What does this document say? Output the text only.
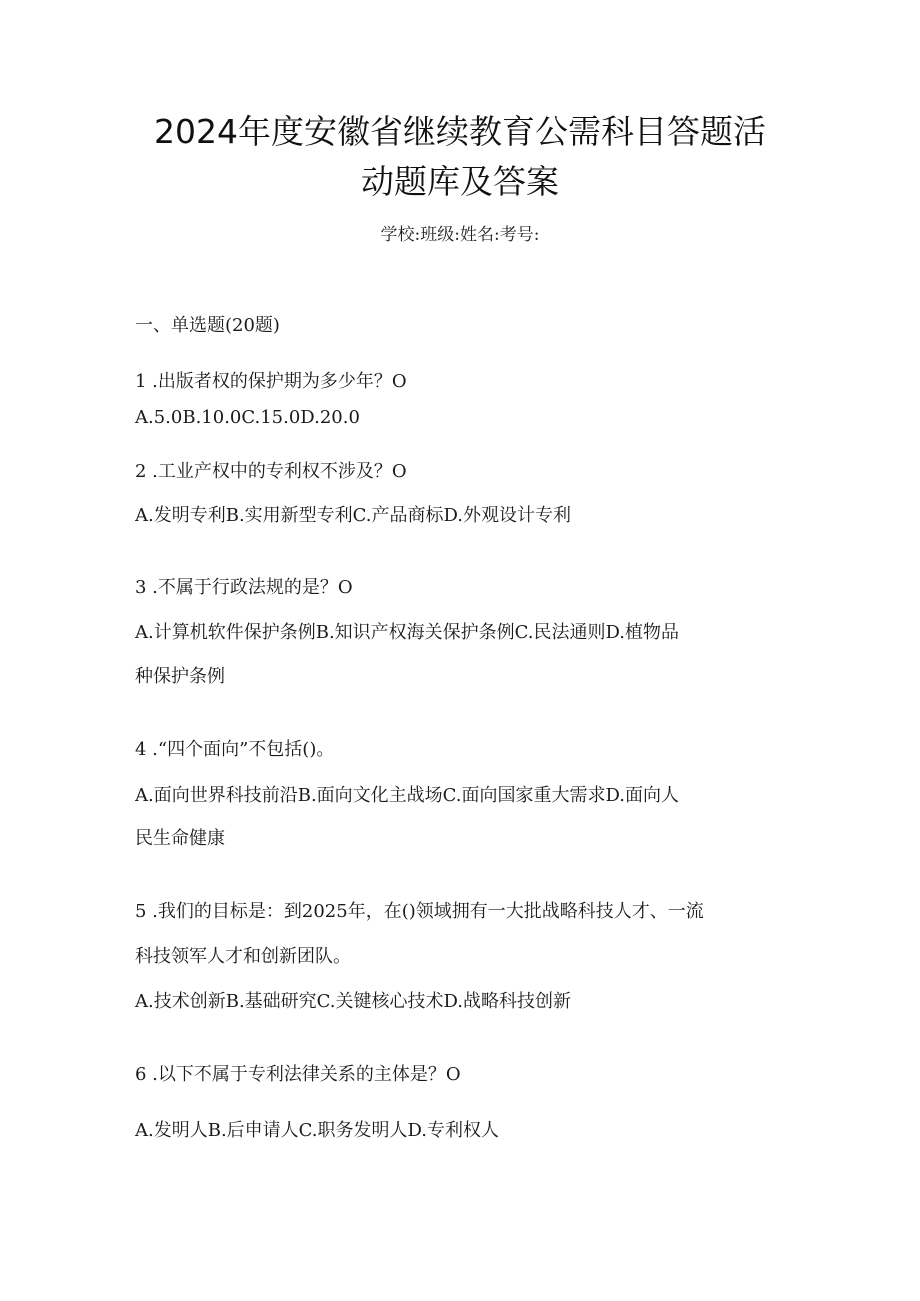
2024年度安徽省继续教育公需科目答题活
动题库及答案
学校:班级:姓名:考号:
一、单选题(20题)
1 .出版者权的保护期为多少年？O
A.5.0B.10.0C.15.0D.20.0
2 .工业产权中的专利权不涉及？O
A.发明专利B.实用新型专利C.产品商标D.外观设计专利
3 .不属于行政法规的是？O
A.计算机软件保护条例B.知识产权海关保护条例C.民法通则D.植物品
种保护条例
4 .“四个面向”不包括()。
A.面向世界科技前沿B.面向文化主战场C.面向国家重大需求D.面向人
民生命健康
5 .我们的目标是：到2025年，在()领域拥有一大批战略科技人才、一流
科技领军人才和创新团队。
A.技术创新B.基础研究C.关键核心技术D.战略科技创新
6 .以下不属于专利法律关系的主体是？O
A.发明人B.后申请人C.职务发明人D.专利权人
